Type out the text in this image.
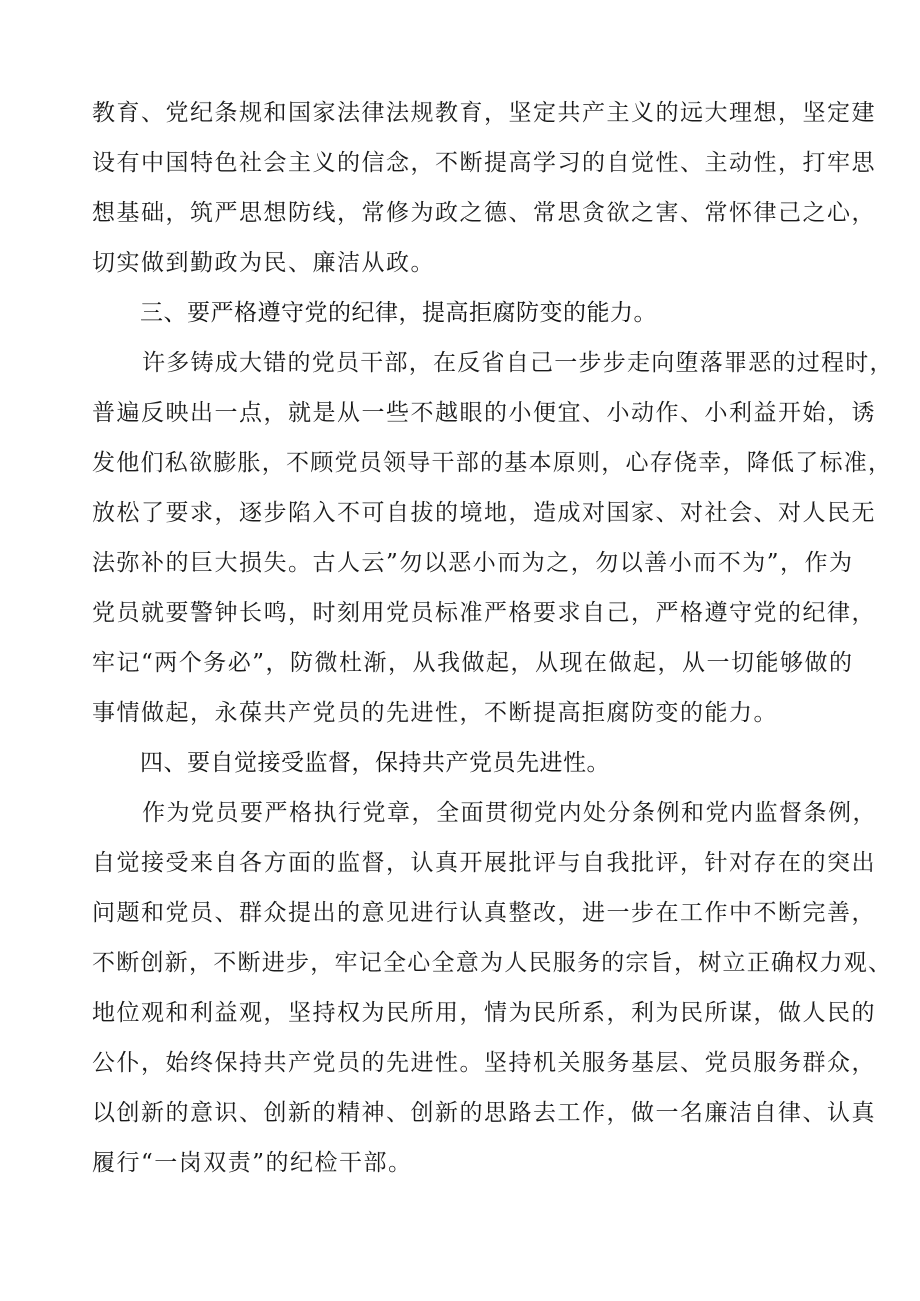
教育、党纪条规和国家法律法规教育，坚定共产主义的远大理想，坚定建
设有中国特色社会主义的信念，不断提高学习的自觉性、主动性，打牢思
想基础，筑严思想防线，常修为政之德、常思贪欲之害、常怀律己之心，
切实做到勤政为民、廉洁从政。
三、要严格遵守党的纪律，提高拒腐防变的能力。
许多铸成大错的党员干部，在反省自己一步步走向堕落罪恶的过程时，
普遍反映出一点，就是从一些不越眼的小便宜、小动作、小利益开始，诱
发他们私欲膨胀，不顾党员领导干部的基本原则，心存侥幸，降低了标准，
放松了要求，逐步陷入不可自拔的境地，造成对国家、对社会、对人民无
法弥补的巨大损失。古人云”勿以恶小而为之，勿以善小而不为”，作为
党员就要警钟长鸣，时刻用党员标准严格要求自己，严格遵守党的纪律，
牢记“两个务必”，防微杜渐，从我做起，从现在做起，从一切能够做的
事情做起，永葆共产党员的先进性，不断提高拒腐防变的能力。
四、要自觉接受监督，保持共产党员先进性。
作为党员要严格执行党章，全面贯彻党内处分条例和党内监督条例，
自觉接受来自各方面的监督，认真开展批评与自我批评，针对存在的突出
问题和党员、群众提出的意见进行认真整改，进一步在工作中不断完善，
不断创新，不断进步，牢记全心全意为人民服务的宗旨，树立正确权力观、
地位观和利益观，坚持权为民所用，情为民所系，利为民所谋，做人民的
公仆，始终保持共产党员的先进性。坚持机关服务基层、党员服务群众，
以创新的意识、创新的精神、创新的思路去工作，做一名廉洁自律、认真
履行“一岗双责”的纪检干部。
